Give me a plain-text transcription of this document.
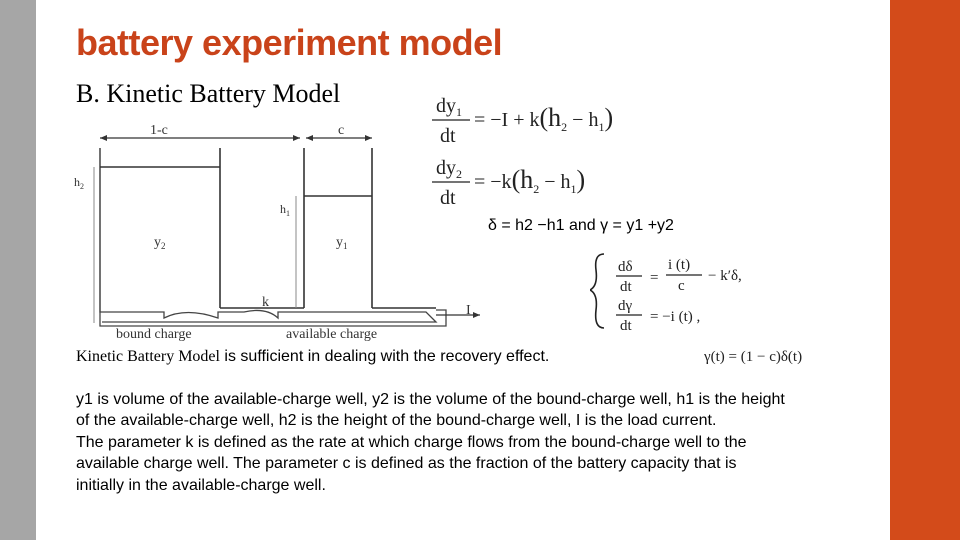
battery experiment model
B. Kinetic Battery Model
1-c	c
$h_2$
$h_1$
$y_2$	$y_1$
k
I
bound charge	available charge
$dy_1$
dt
= $-I + k(h_2 - h_1)$
$dy_2$
dt
= $-k(h_2 - h_1)$
δ = h2 −h1 and γ = y1 +y2
dδ
dt
=
i (t)
c
− k′δ,
dγ
dt
= −i (t) ,
γ(t) = (1 − c)δ(t)
Kinetic Battery Model is sufficient in dealing with the recovery effect.
y1 is volume of the available-charge well, y2 is the volume of the bound-charge well, h1 is the height
of the available-charge well, h2 is the height of the bound-charge well, I is the load current.
The parameter k is defined as the rate at which charge flows from the bound-charge well to the
available charge well. The parameter c is defined as the fraction of the battery capacity that is
initially in the available-charge well.
